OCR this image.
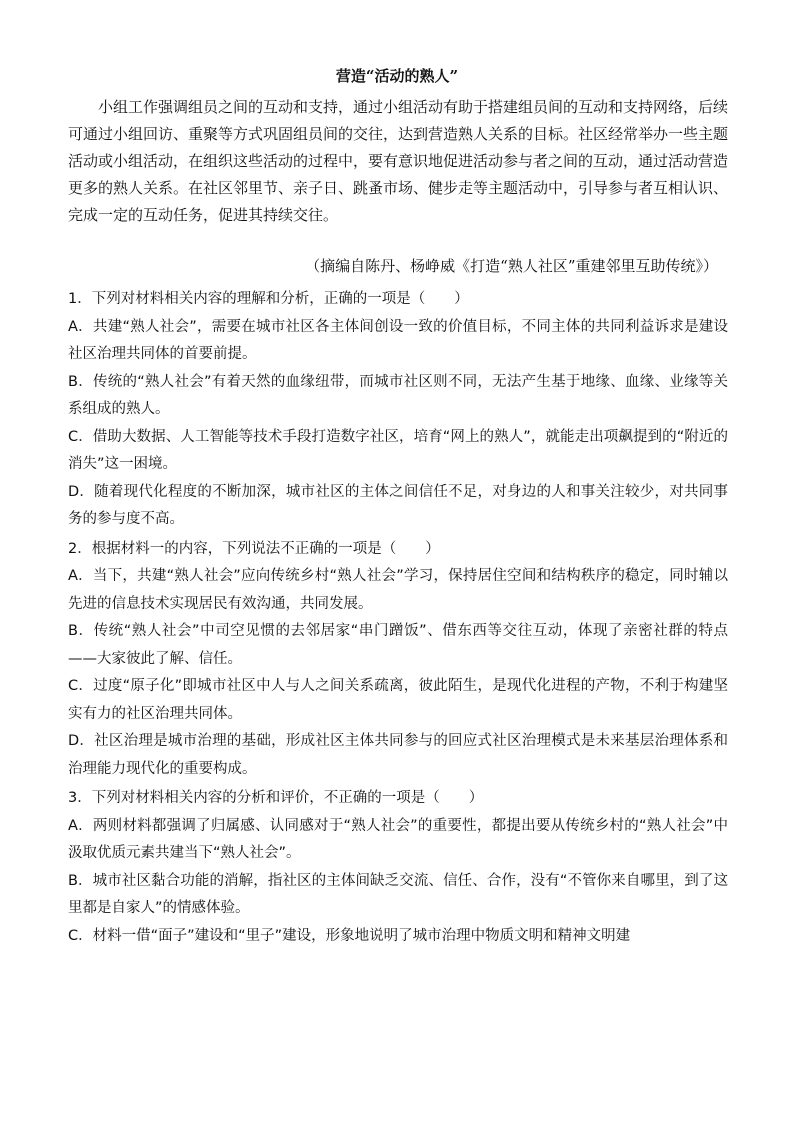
营造“活动的熟人”

小组工作强调组员之间的互动和支持，通过小组活动有助于搭建组员间的互动和支持网络，后续可通过小组回访、重聚等方式巩固组员间的交往，达到营造熟人关系的目标。社区经常举办一些主题活动或小组活动，在组织这些活动的过程中，要有意识地促进活动参与者之间的互动，通过活动营造更多的熟人关系。在社区邻里节、亲子日、跳蚤市场、健步走等主题活动中，引导参与者互相认识、完成一定的互动任务，促进其持续交往。

（摘编自陈丹、杨峥威《打造“熟人社区”重建邻里互助传统》）

1．下列对材料相关内容的理解和分析，正确的一项是（　　）

A．共建“熟人社会”，需要在城市社区各主体间创设一致的价值目标，不同主体的共同利益诉求是建设社区治理共同体的首要前提。

B．传统的“熟人社会”有着天然的血缘纽带，而城市社区则不同，无法产生基于地缘、血缘、业缘等关系组成的熟人。

C．借助大数据、人工智能等技术手段打造数字社区，培育“网上的熟人”，就能走出项飙提到的“附近的消失”这一困境。

D．随着现代化程度的不断加深，城市社区的主体之间信任不足，对身边的人和事关注较少，对共同事务的参与度不高。

2．根据材料一的内容，下列说法不正确的一项是（　　）

A．当下，共建“熟人社会”应向传统乡村“熟人社会”学习，保持居住空间和结构秩序的稳定，同时辅以先进的信息技术实现居民有效沟通，共同发展。

B．传统“熟人社会”中司空见惯的去邻居家“串门蹭饭”、借东西等交往互动，体现了亲密社群的特点——大家彼此了解、信任。

C．过度“原子化”即城市社区中人与人之间关系疏离，彼此陌生，是现代化进程的产物，不利于构建坚实有力的社区治理共同体。

D．社区治理是城市治理的基础，形成社区主体共同参与的回应式社区治理模式是未来基层治理体系和治理能力现代化的重要构成。

3．下列对材料相关内容的分析和评价，不正确的一项是（　　）

A．两则材料都强调了归属感、认同感对于“熟人社会”的重要性，都提出要从传统乡村的“熟人社会”中汲取优质元素共建当下“熟人社会”。

B．城市社区黏合功能的消解，指社区的主体间缺乏交流、信任、合作，没有“不管你来自哪里，到了这里都是自家人”的情感体验。

C．材料一借“面子”建设和“里子”建设，形象地说明了城市治理中物质文明和精神文明建
